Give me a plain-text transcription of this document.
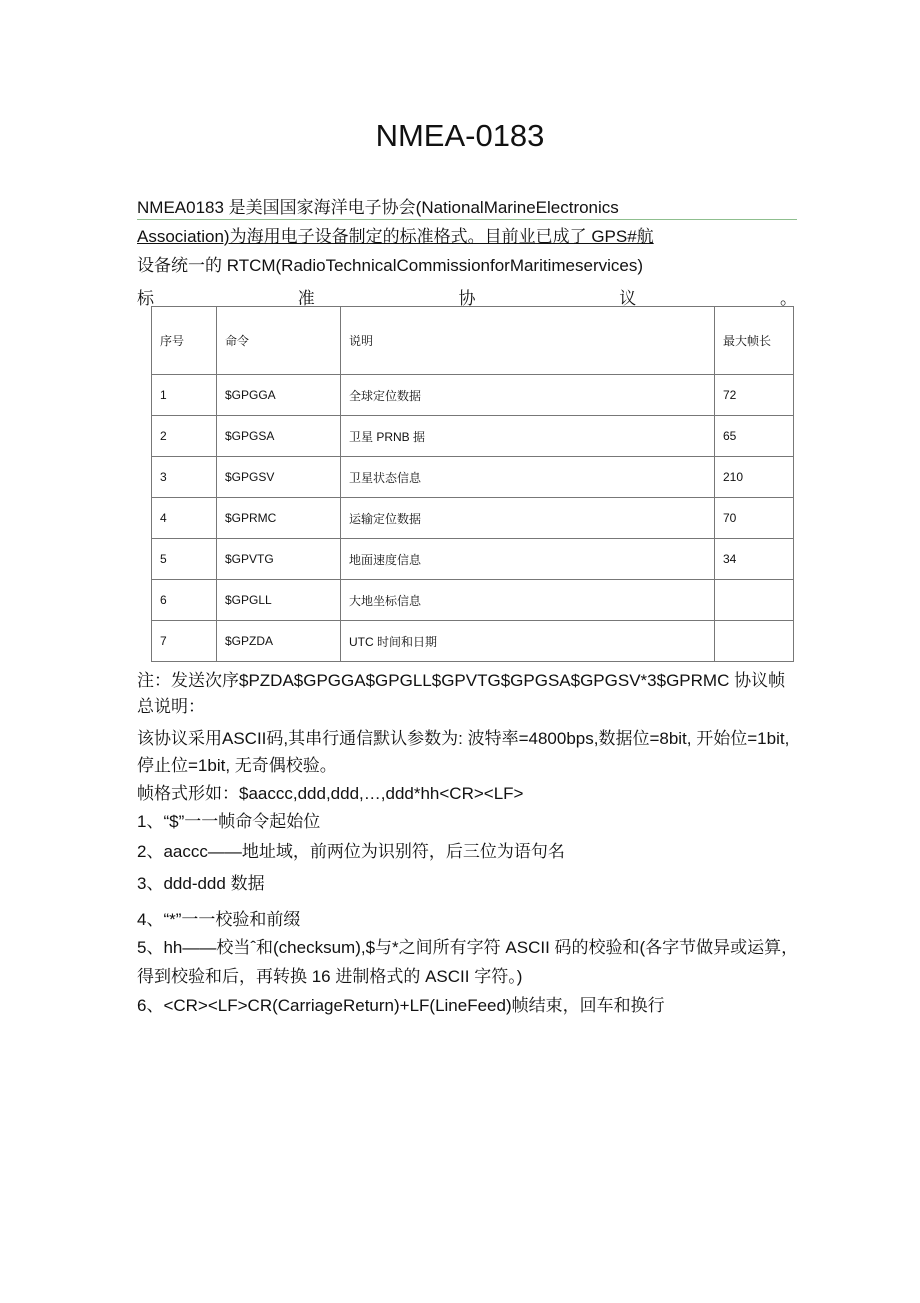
NMEA-0183
NMEA0183 是美国国家海洋电子协会(NationalMarineElectronics
Association)为海用电子设备制定的标准格式。目前业已成了 GPS#航
设备统一的 RTCM(RadioTechnicalCommissionforMaritimeservices)
标	准	协	议	。
序号	命令	说明	最大帧长
1	$GPGGA	全球定位数据	72
2	$GPGSA	卫星 PRNB 据	65
3	$GPGSV	卫星状态信息	210
4	$GPRMC	运输定位数据	70
5	$GPVTG	地面速度信息	34
6	$GPGLL	大地坐标信息	
7	$GPZDA	UTC 时间和日期	
注：发送次序$PZDA$GPGGA$GPGLL$GPVTG$GPGSA$GPGSV*3$GPRMC 协议帧
总说明：
该协议采用ASCII码,其串行通信默认参数为: 波特率=4800bps,数据位=8bit, 开始位=1bit,
停止位=1bit, 无奇偶校验。
帧格式形如：$aaccc,ddd,ddd,…,ddd*hh<CR><LF>
1、“$”一一帧命令起始位
2、aaccc——地址域，前两位为识别符，后三位为语句名
3、ddd-ddd 数据
4、“*”一一校验和前缀
5、hh——校当ˆ和(checksum),$与*之间所有字符 ASCII 码的校验和(各字节做异或运算，
得到校验和后，再转换 16 进制格式的 ASCII 字符。)
6、<CR><LF>CR(CarriageReturn)+LF(LineFeed)帧结束，回车和换行
